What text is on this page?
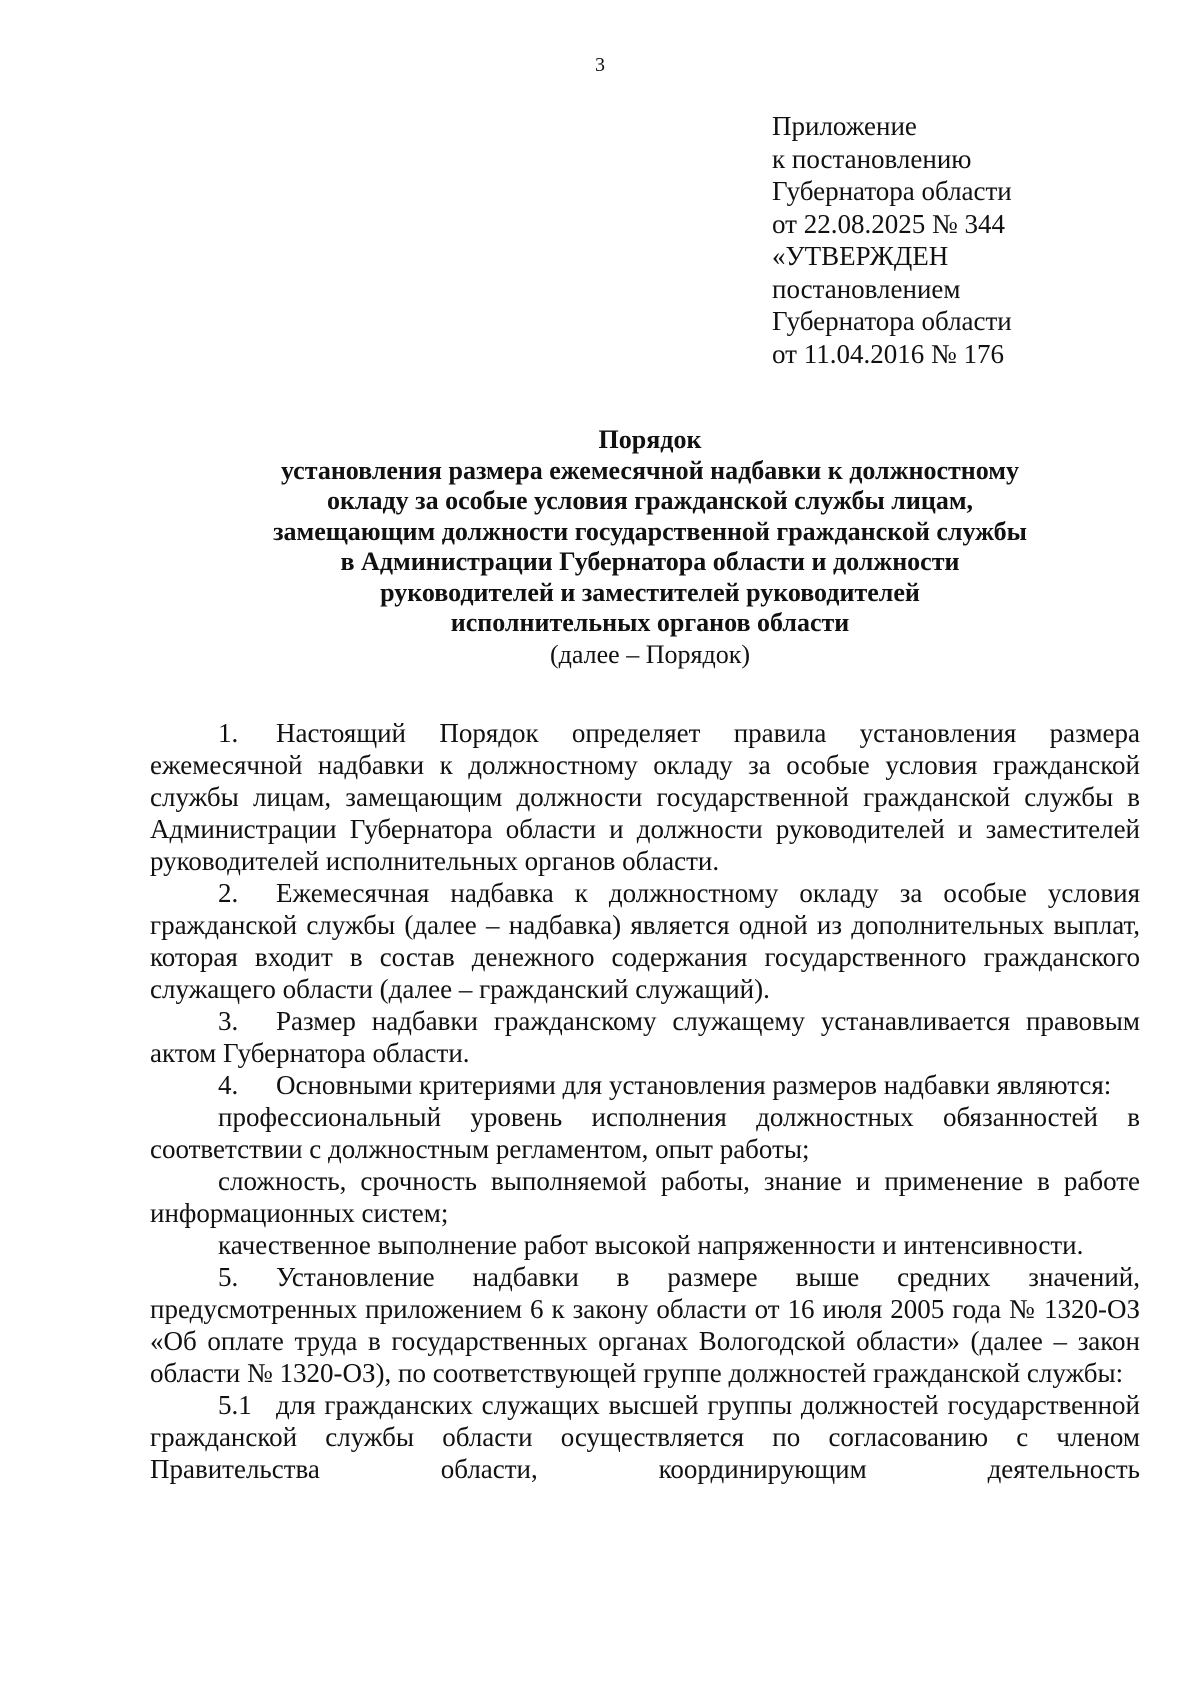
3
Приложение
к постановлению
Губернатора области
от 22.08.2025 № 344
«УТВЕРЖДЕН
постановлением
Губернатора области
от 11.04.2016 № 176
Порядок
установления размера ежемесячной надбавки к должностному
окладу за особые условия гражданской службы лицам,
замещающим должности государственной гражданской службы
в Администрации Губернатора области и должности
руководителей и заместителей руководителей
исполнительных органов области
(далее – Порядок)

1. Настоящий Порядок определяет правила установления размера ежемесячной надбавки к должностному окладу за особые условия гражданской службы лицам, замещающим должности государственной гражданской службы в Администрации Губернатора области и должности руководителей и заместителей руководителей исполнительных органов области.

2. Ежемесячная надбавка к должностному окладу за особые условия гражданской службы (далее – надбавка) является одной из дополнительных выплат, которая входит в состав денежного содержания государственного гражданского служащего области (далее – гражданский служащий).

3. Размер надбавки гражданскому служащему устанавливается правовым актом Губернатора области.

4. Основными критериями для установления размеров надбавки являются:

профессиональный уровень исполнения должностных обязанностей в соответствии с должностным регламентом, опыт работы;

сложность, срочность выполняемой работы, знание и применение в работе информационных систем;

качественное выполнение работ высокой напряженности и интенсивности.

5. Установление надбавки в размере выше средних значений, предусмотренных приложением 6 к закону области от 16 июля 2005 года № 1320-ОЗ «Об оплате труда в государственных органах Вологодской области» (далее – закон области № 1320-ОЗ), по соответствующей группе должностей гражданской службы:

5.1 для гражданских служащих высшей группы должностей государственной гражданской службы области осуществляется по согласованию с членом Правительства области, координирующим деятельность
